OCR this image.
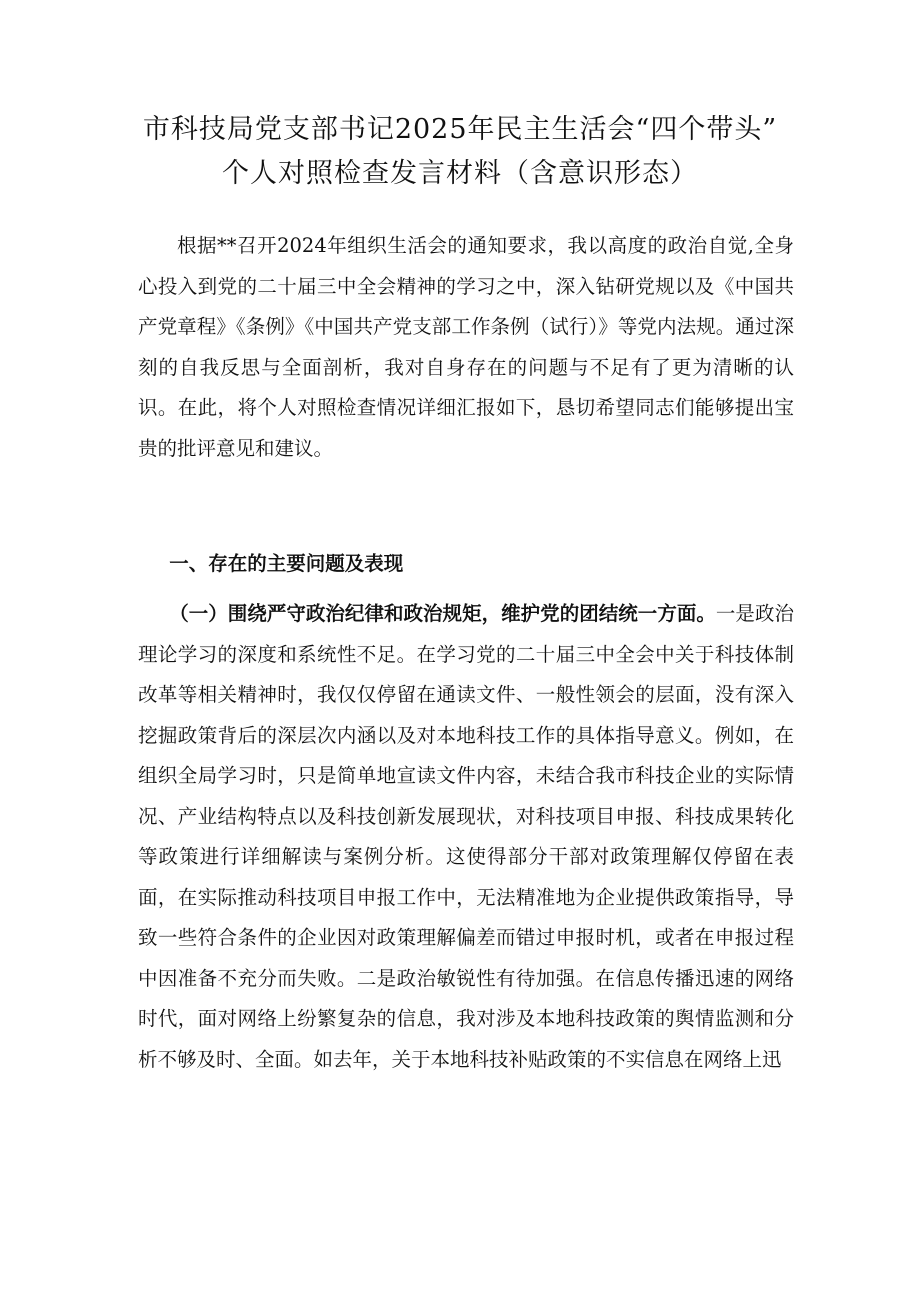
市科技局党支部书记2025年民主生活会“四个带头”
个人对照检查发言材料（含意识形态）

根据**召开2024年组织生活会的通知要求，我以高度的政治自觉,全身心投入到党的二十届三中全会精神的学习之中，深入钻研党规以及《中国共产党章程》《条例》《中国共产党支部工作条例（试行）》等党内法规。通过深刻的自我反思与全面剖析，我对自身存在的问题与不足有了更为清晰的认识。在此，将个人对照检查情况详细汇报如下，恳切希望同志们能够提出宝贵的批评意见和建议。

一、存在的主要问题及表现
（一）围绕严守政治纪律和政治规矩，维护党的团结统一方面。一是政治理论学习的深度和系统性不足。在学习党的二十届三中全会中关于科技体制改革等相关精神时，我仅仅停留在通读文件、一般性领会的层面，没有深入挖掘政策背后的深层次内涵以及对本地科技工作的具体指导意义。例如，在组织全局学习时，只是简单地宣读文件内容，未结合我市科技企业的实际情况、产业结构特点以及科技创新发展现状，对科技项目申报、科技成果转化等政策进行详细解读与案例分析。这使得部分干部对政策理解仅停留在表面，在实际推动科技项目申报工作中，无法精准地为企业提供政策指导，导致一些符合条件的企业因对政策理解偏差而错过申报时机，或者在申报过程中因准备不充分而失败。二是政治敏锐性有待加强。在信息传播迅速的网络时代，面对网络上纷繁复杂的信息，我对涉及本地科技政策的舆情监测和分析不够及时、全面。如去年，关于本地科技补贴政策的不实信息在网络上迅
